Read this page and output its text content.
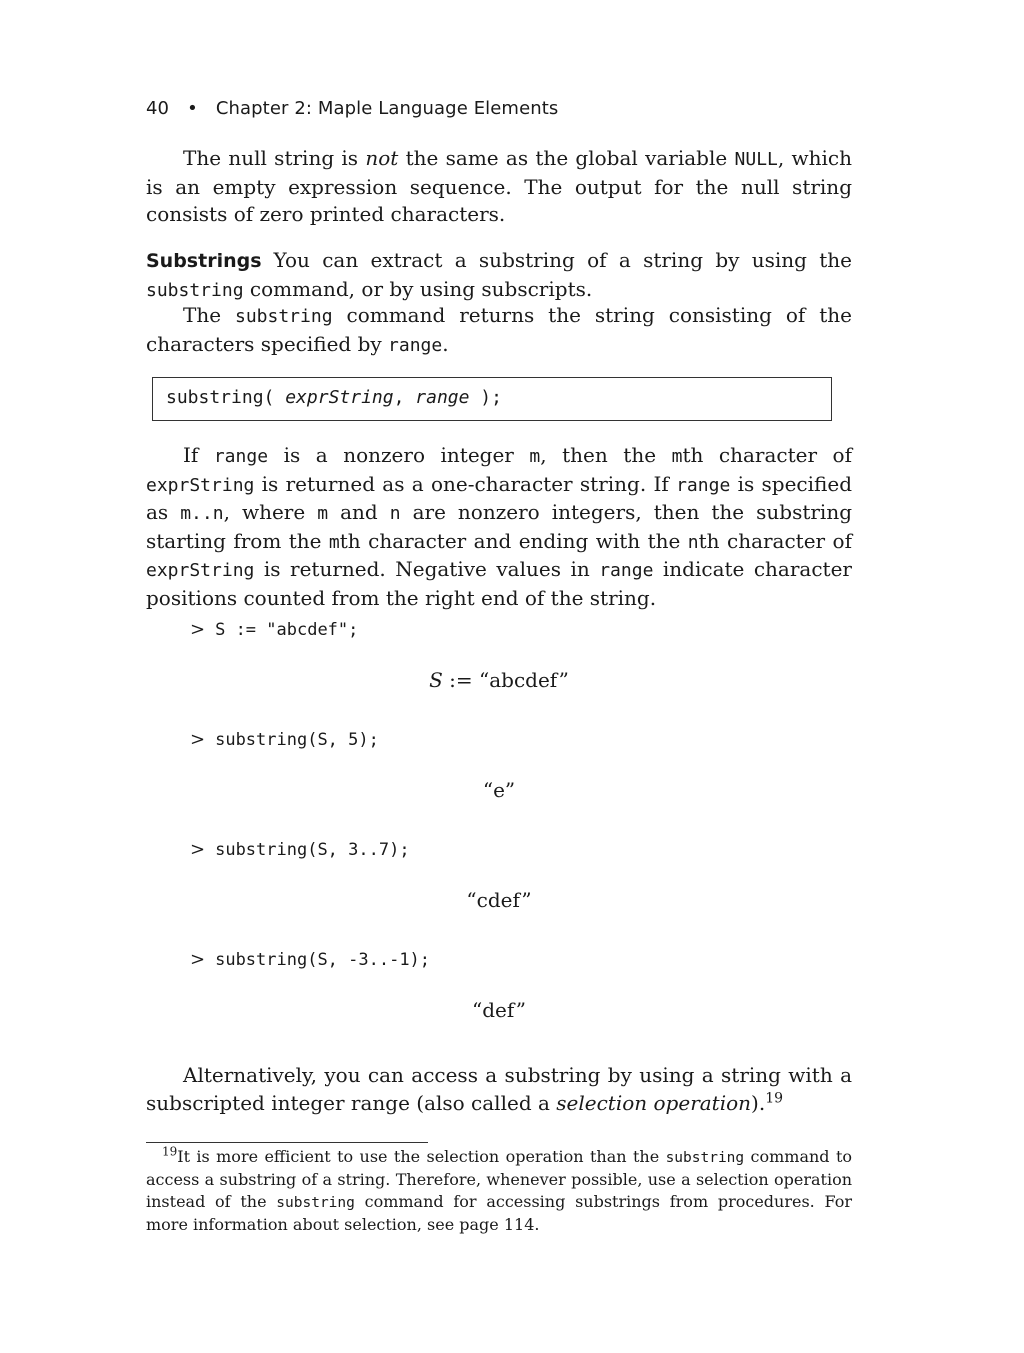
40 • Chapter 2: Maple Language Elements

The null string is not the same as the global variable NULL, which is an empty expression sequence. The output for the null string consists of zero printed characters.

Substrings You can extract a substring of a string by using the substring command, or by using subscripts.

The substring command returns the string consisting of the characters specified by range.

substring( exprString, range );

If range is a nonzero integer m, then the mth character of exprString is returned as a one-character string. If range is specified as m..n, where m and n are nonzero integers, then the substring starting from the mth character and ending with the nth character of exprString is returned. Negative values in range indicate character positions counted from the right end of the string.

> S := "abcdef";
S := “abcdef”
> substring(S, 5);
“e”
> substring(S, 3..7);
“cdef”
> substring(S, -3..-1);
“def”

Alternatively, you can access a substring by using a string with a subscripted integer range (also called a selection operation).$^{19}$

$^{19}$It is more efficient to use the selection operation than the substring command to access a substring of a string. Therefore, whenever possible, use a selection operation instead of the substring command for accessing substrings from procedures. For more information about selection, see page 114.
